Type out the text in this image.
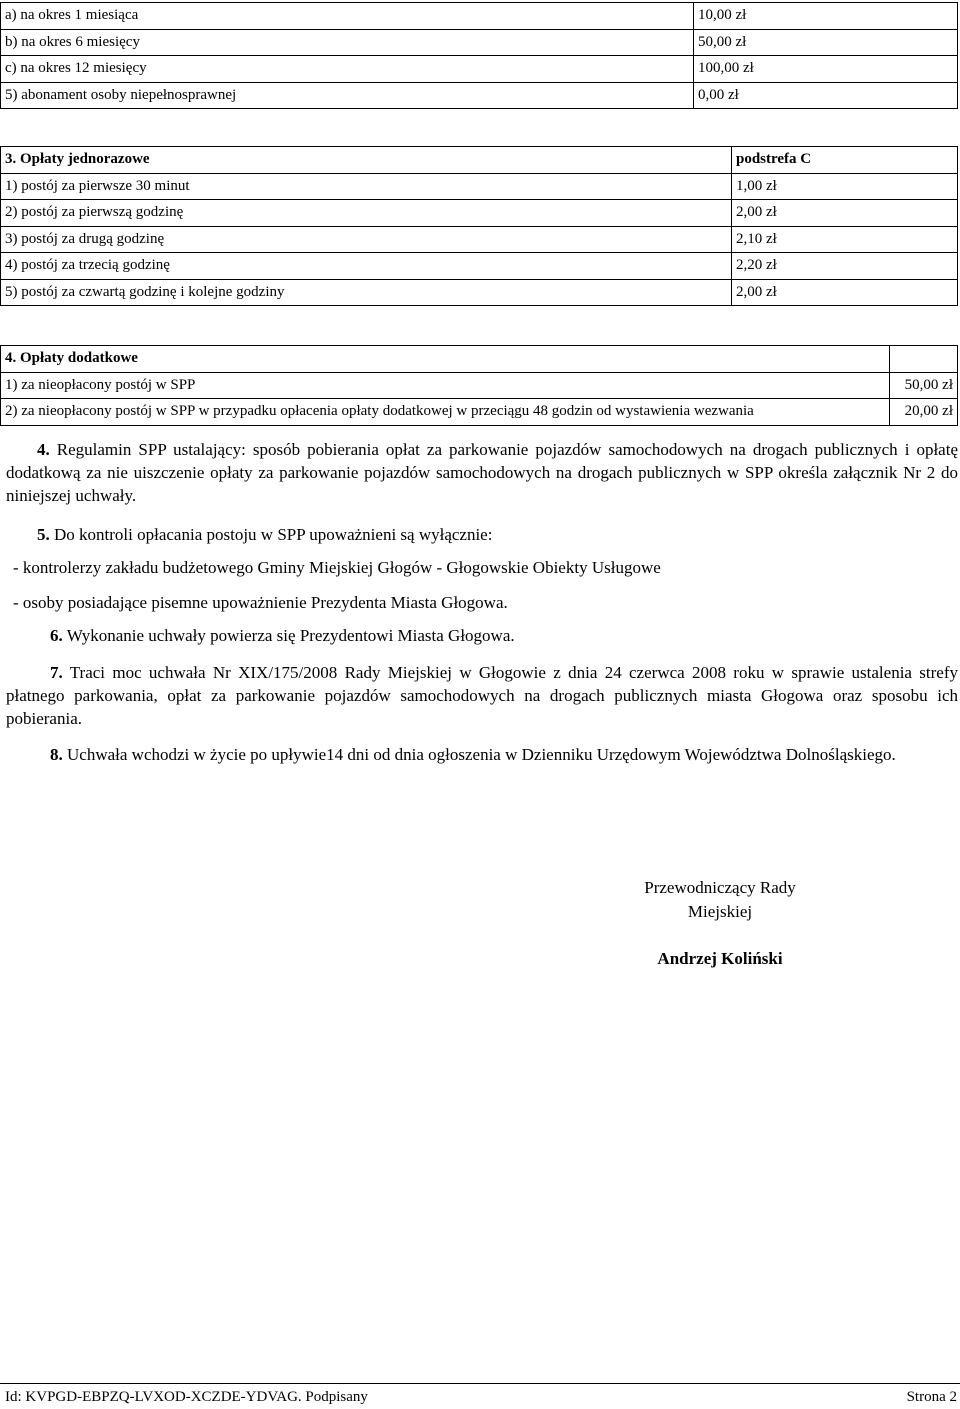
a) na okres 1 miesiąca	10,00 zł
b) na okres 6 miesięcy	50,00 zł
c) na okres 12 miesięcy	100,00 zł
5) abonament osoby niepełnosprawnej	0,00 zł
3. Opłaty jednorazowe	podstrefa C
1) postój za pierwsze 30 minut	1,00 zł
2) postój za pierwszą godzinę	2,00 zł
3) postój za drugą godzinę	2,10 zł
4) postój za trzecią godzinę	2,20 zł
5) postój za czwartą godzinę i kolejne godziny	2,00 zł
4. Opłaty dodatkowe	
1) za nieopłacony postój w SPP	50,00 zł
2) za nieopłacony postój w SPP w przypadku opłacenia opłaty dodatkowej w przeciągu 48 godzin od wystawienia wezwania	20,00 zł

4. Regulamin SPP ustalający: sposób pobierania opłat za parkowanie pojazdów samochodowych na drogach publicznych i opłatę dodatkową za nie uiszczenie opłaty za parkowanie pojazdów samochodowych na drogach publicznych w SPP określa załącznik Nr 2 do niniejszej uchwały.

5. Do kontroli opłacania postoju w SPP upoważnieni są wyłącznie:

- kontrolerzy zakładu budżetowego Gminy Miejskiej Głogów - Głogowskie Obiekty Usługowe

- osoby posiadające pisemne upoważnienie Prezydenta Miasta Głogowa.

6. Wykonanie uchwały powierza się Prezydentowi Miasta Głogowa.

7. Traci moc uchwała Nr XIX/175/2008 Rady Miejskiej w Głogowie z dnia 24 czerwca 2008 roku w sprawie ustalenia strefy płatnego parkowania, opłat za parkowanie pojazdów samochodowych na drogach publicznych miasta Głogowa oraz sposobu ich pobierania.

8. Uchwała wchodzi w życie po upływie14 dni od dnia ogłoszenia w Dzienniku Urzędowym Województwa Dolnośląskiego.

Przewodniczący Rady
Miejskiej
Andrzej Koliński
Id: KVPGD-EBPZQ-LVXOD-XCZDE-YDVAG. Podpisany	Strona 2
